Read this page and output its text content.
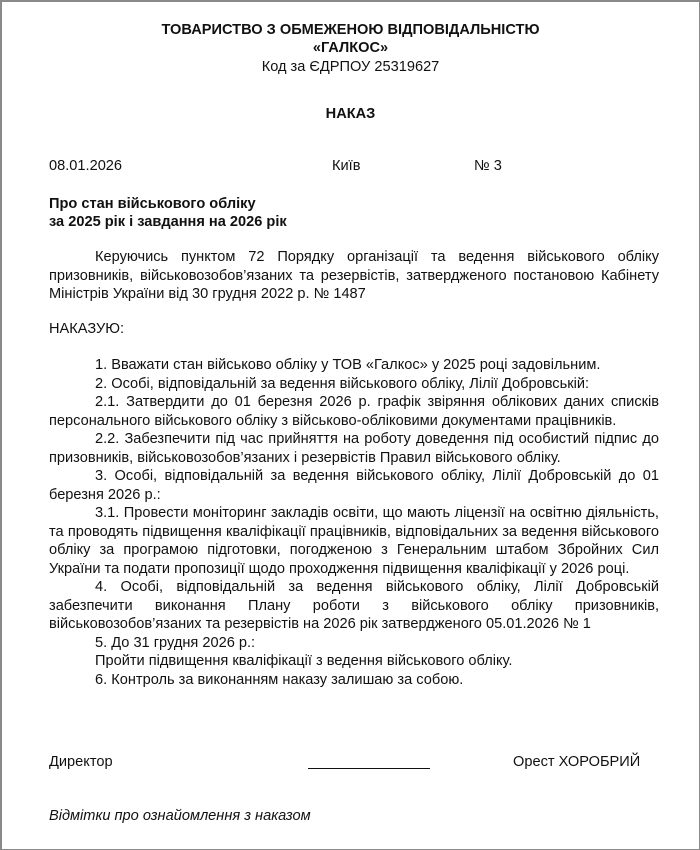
ТОВАРИСТВО З ОБМЕЖЕНОЮ ВІДПОВІДАЛЬНІСТЮ
«ГАЛКОС»
Код за ЄДРПОУ 25319627
НАКАЗ
08.01.2026	Київ	№ 3
Про стан військового обліку
за 2025 рік і завдання на 2026 рік
Керуючись пунктом 72 Порядку організації та ведення військового обліку призовників, військовозобов’язаних та резервістів, затвердженого постановою Кабінету Міністрів України від 30 грудня 2022 р. № 1487
НАКАЗУЮ:
1. Вважати стан військово обліку у ТОВ «Галкос» у 2025 році задовільним.
2. Особі, відповідальній за ведення військового обліку, Лілії Добровській:
2.1. Затвердити до 01 березня 2026 р. графік звіряння облікових даних списків персонального військового обліку з військово-обліковими документами працівників.
2.2. Забезпечити під час прийняття на роботу доведення під особистий підпис до призовників, військовозобов’язаних і резервістів Правил військового обліку.
3. Особі, відповідальній за ведення військового обліку, Лілії Добровській до 01 березня 2026 р.:
3.1. Провести моніторинг закладів освіти, що мають ліцензії на освітню діяльність, та проводять підвищення кваліфікації працівників, відповідальних за ведення військового обліку за програмою підготовки, погодженою з Генеральним штабом Збройних Сил України та подати пропозиції щодо проходження підвищення кваліфікації у 2026 році.
4. Особі, відповідальній за ведення військового обліку, Лілії Добровській забезпечити виконання Плану роботи з військового обліку призовників, військовозобов’язаних та резервістів на 2026 рік затвердженого 05.01.2026 № 1
5. До 31 грудня 2026 р.:
Пройти підвищення кваліфікації з ведення військового обліку.
6. Контроль за виконанням наказу залишаю за собою.
Директор	Орест ХОРОБРИЙ
Відмітки про ознайомлення з наказом
